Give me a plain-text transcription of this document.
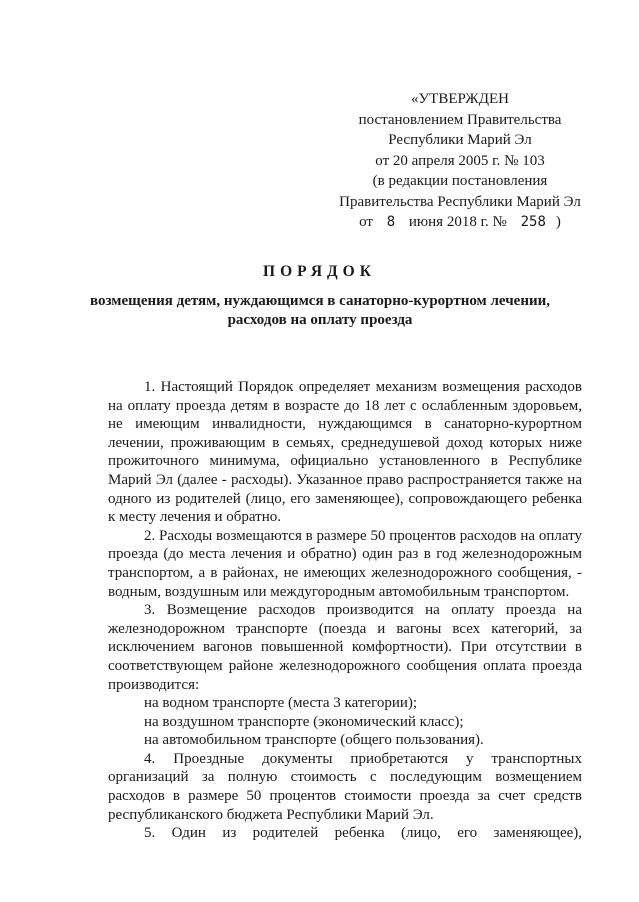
«УТВЕРЖДЕН
постановлением Правительства
Республики Марий Эл
от 20 апреля 2005 г. № 103
(в редакции постановления
Правительства Республики Марий Эл
от 8 июня 2018 г. № 258 )
ПОРЯДОК
возмещения детям, нуждающимся в санаторно-курортном лечении,
расходов на оплату проезда

1. Настоящий Порядок определяет механизм возмещения расходов на оплату проезда детям в возрасте до 18 лет с ослабленным здоровьем, не имеющим инвалидности, нуждающимся в санаторно-курортном лечении, проживающим в семьях, среднедушевой доход которых ниже прожиточного минимума, официально установленного в Республике Марий Эл (далее - расходы). Указанное право распространяется также на одного из родителей (лицо, его заменяющее), сопровождающего ребенка к месту лечения и обратно.

2. Расходы возмещаются в размере 50 процентов расходов на оплату проезда (до места лечения и обратно) один раз в год железнодорожным транспортом, а в районах, не имеющих железнодорожного сообщения, - водным, воздушным или междугородным автомобильным транспортом.

3. Возмещение расходов производится на оплату проезда на железнодорожном транспорте (поезда и вагоны всех категорий, за исключением вагонов повышенной комфортности). При отсутствии в соответствующем районе железнодорожного сообщения оплата проезда производится:

на водном транспорте (места 3 категории);

на воздушном транспорте (экономический класс);

на автомобильном транспорте (общего пользования).

4. Проездные документы приобретаются у транспортных организаций за полную стоимость с последующим возмещением расходов в размере 50 процентов стоимости проезда за счет средств республиканского бюджета Республики Марий Эл.

5. Один из родителей ребенка (лицо, его заменяющее),
